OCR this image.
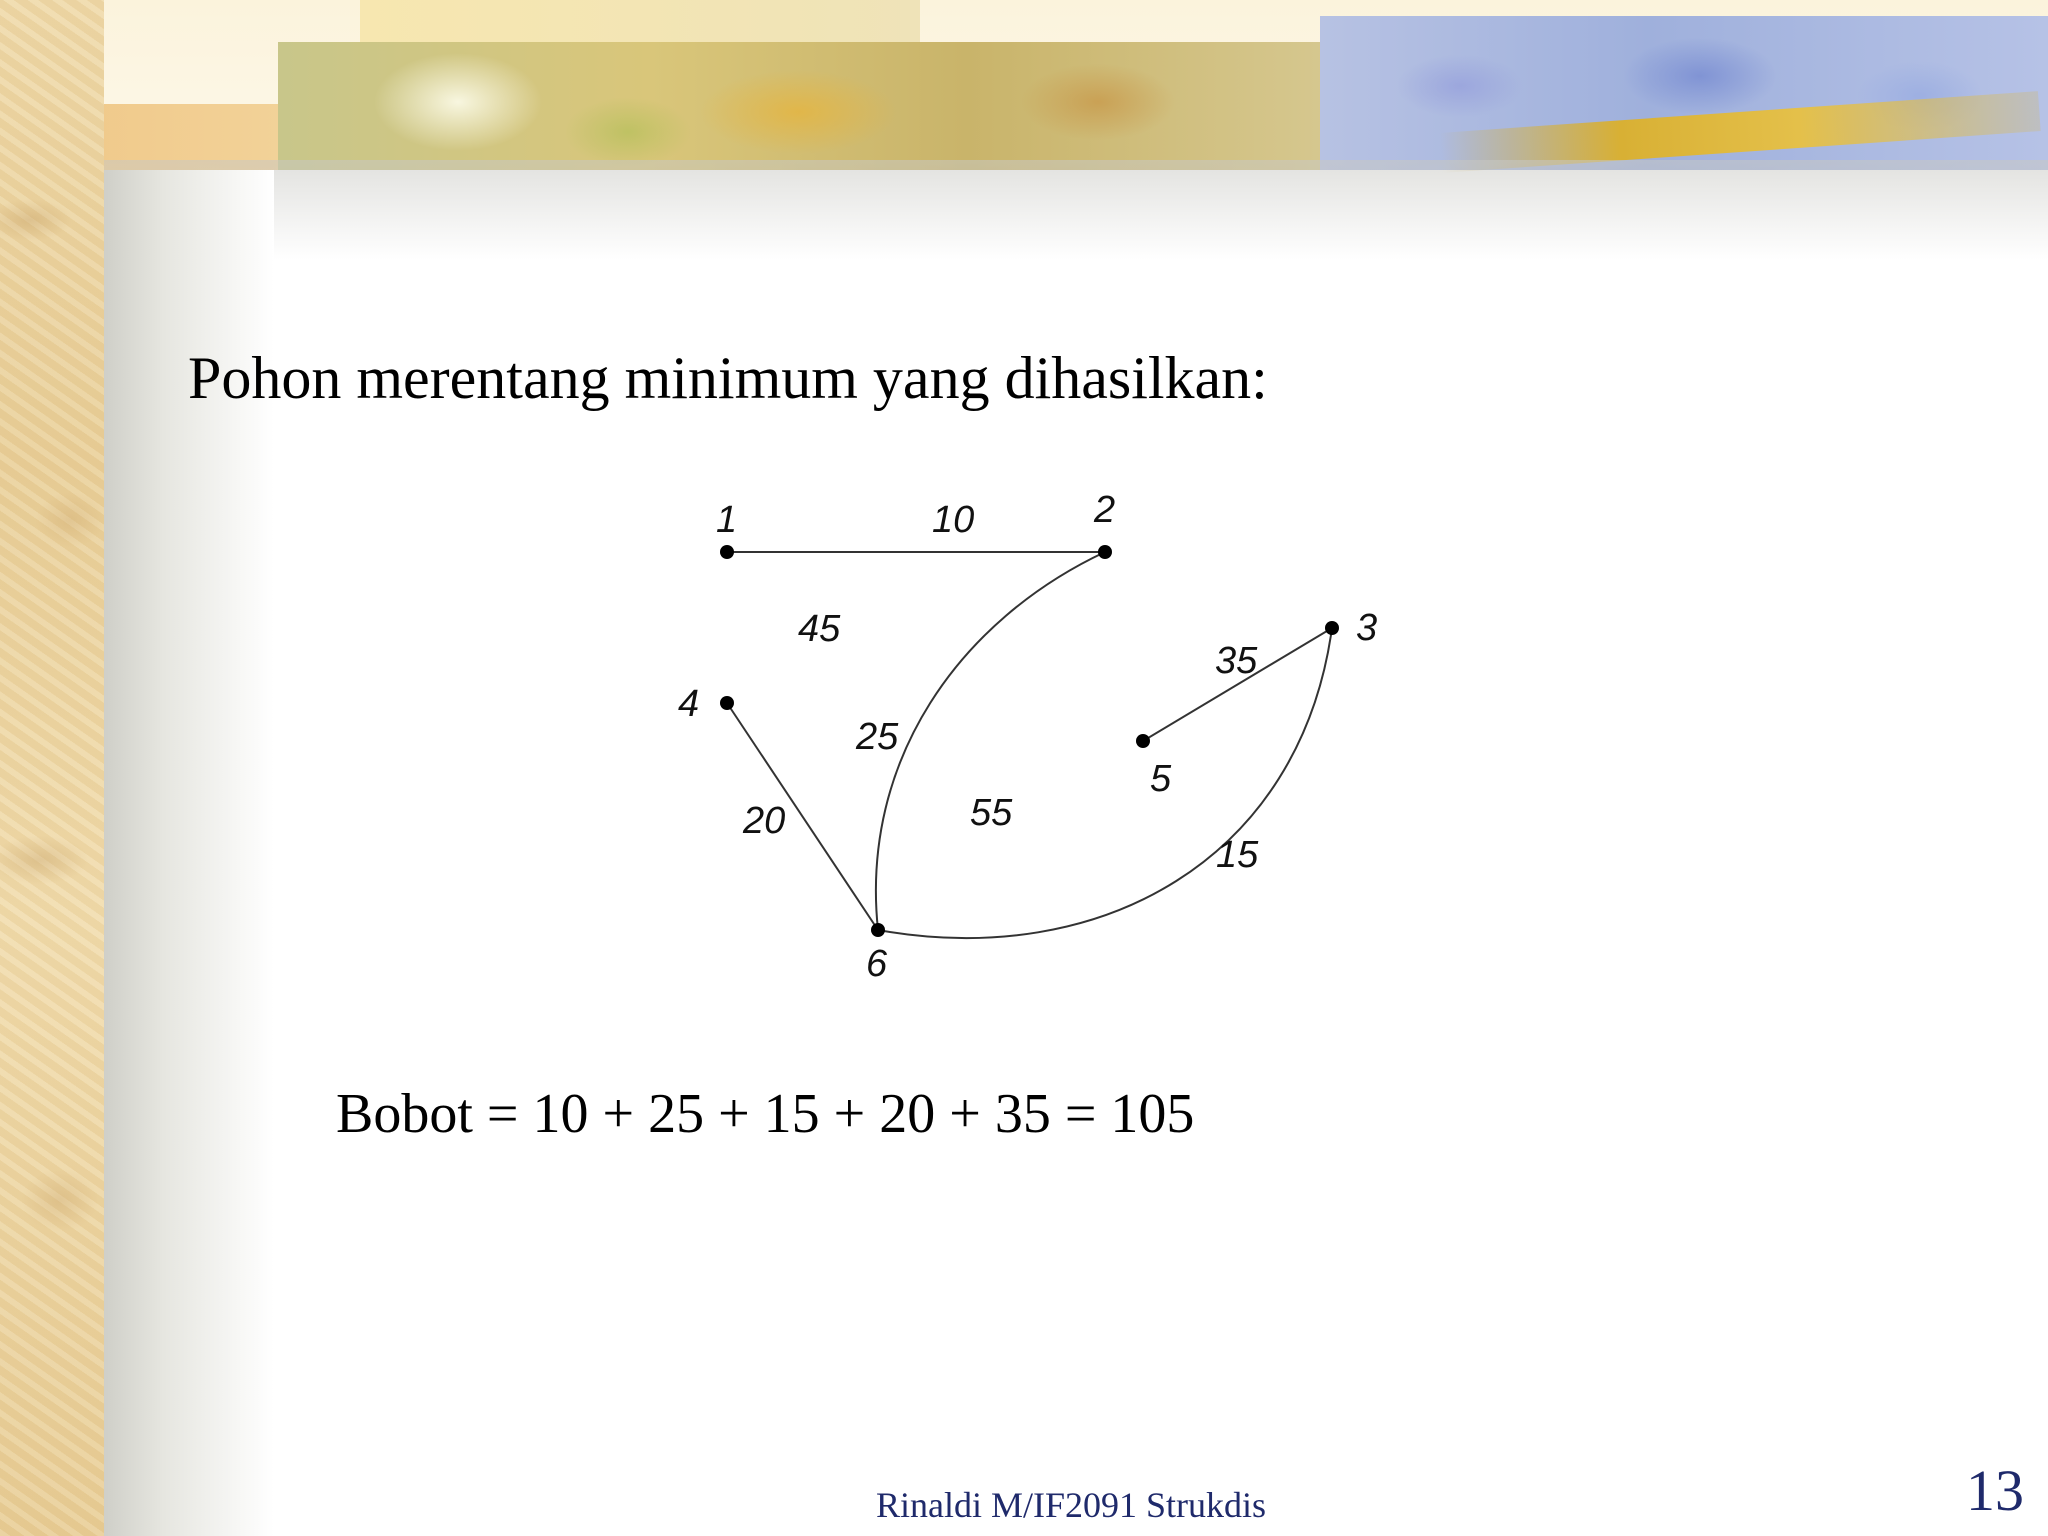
Pohon merentang minimum yang dihasilkan:
1	2
3
4
5
6
10
25
15
20
35
45
55
Bobot = 10 + 25 + 15 + 20 + 35 = 105
Rinaldi M/IF2091 Strukdis	13
